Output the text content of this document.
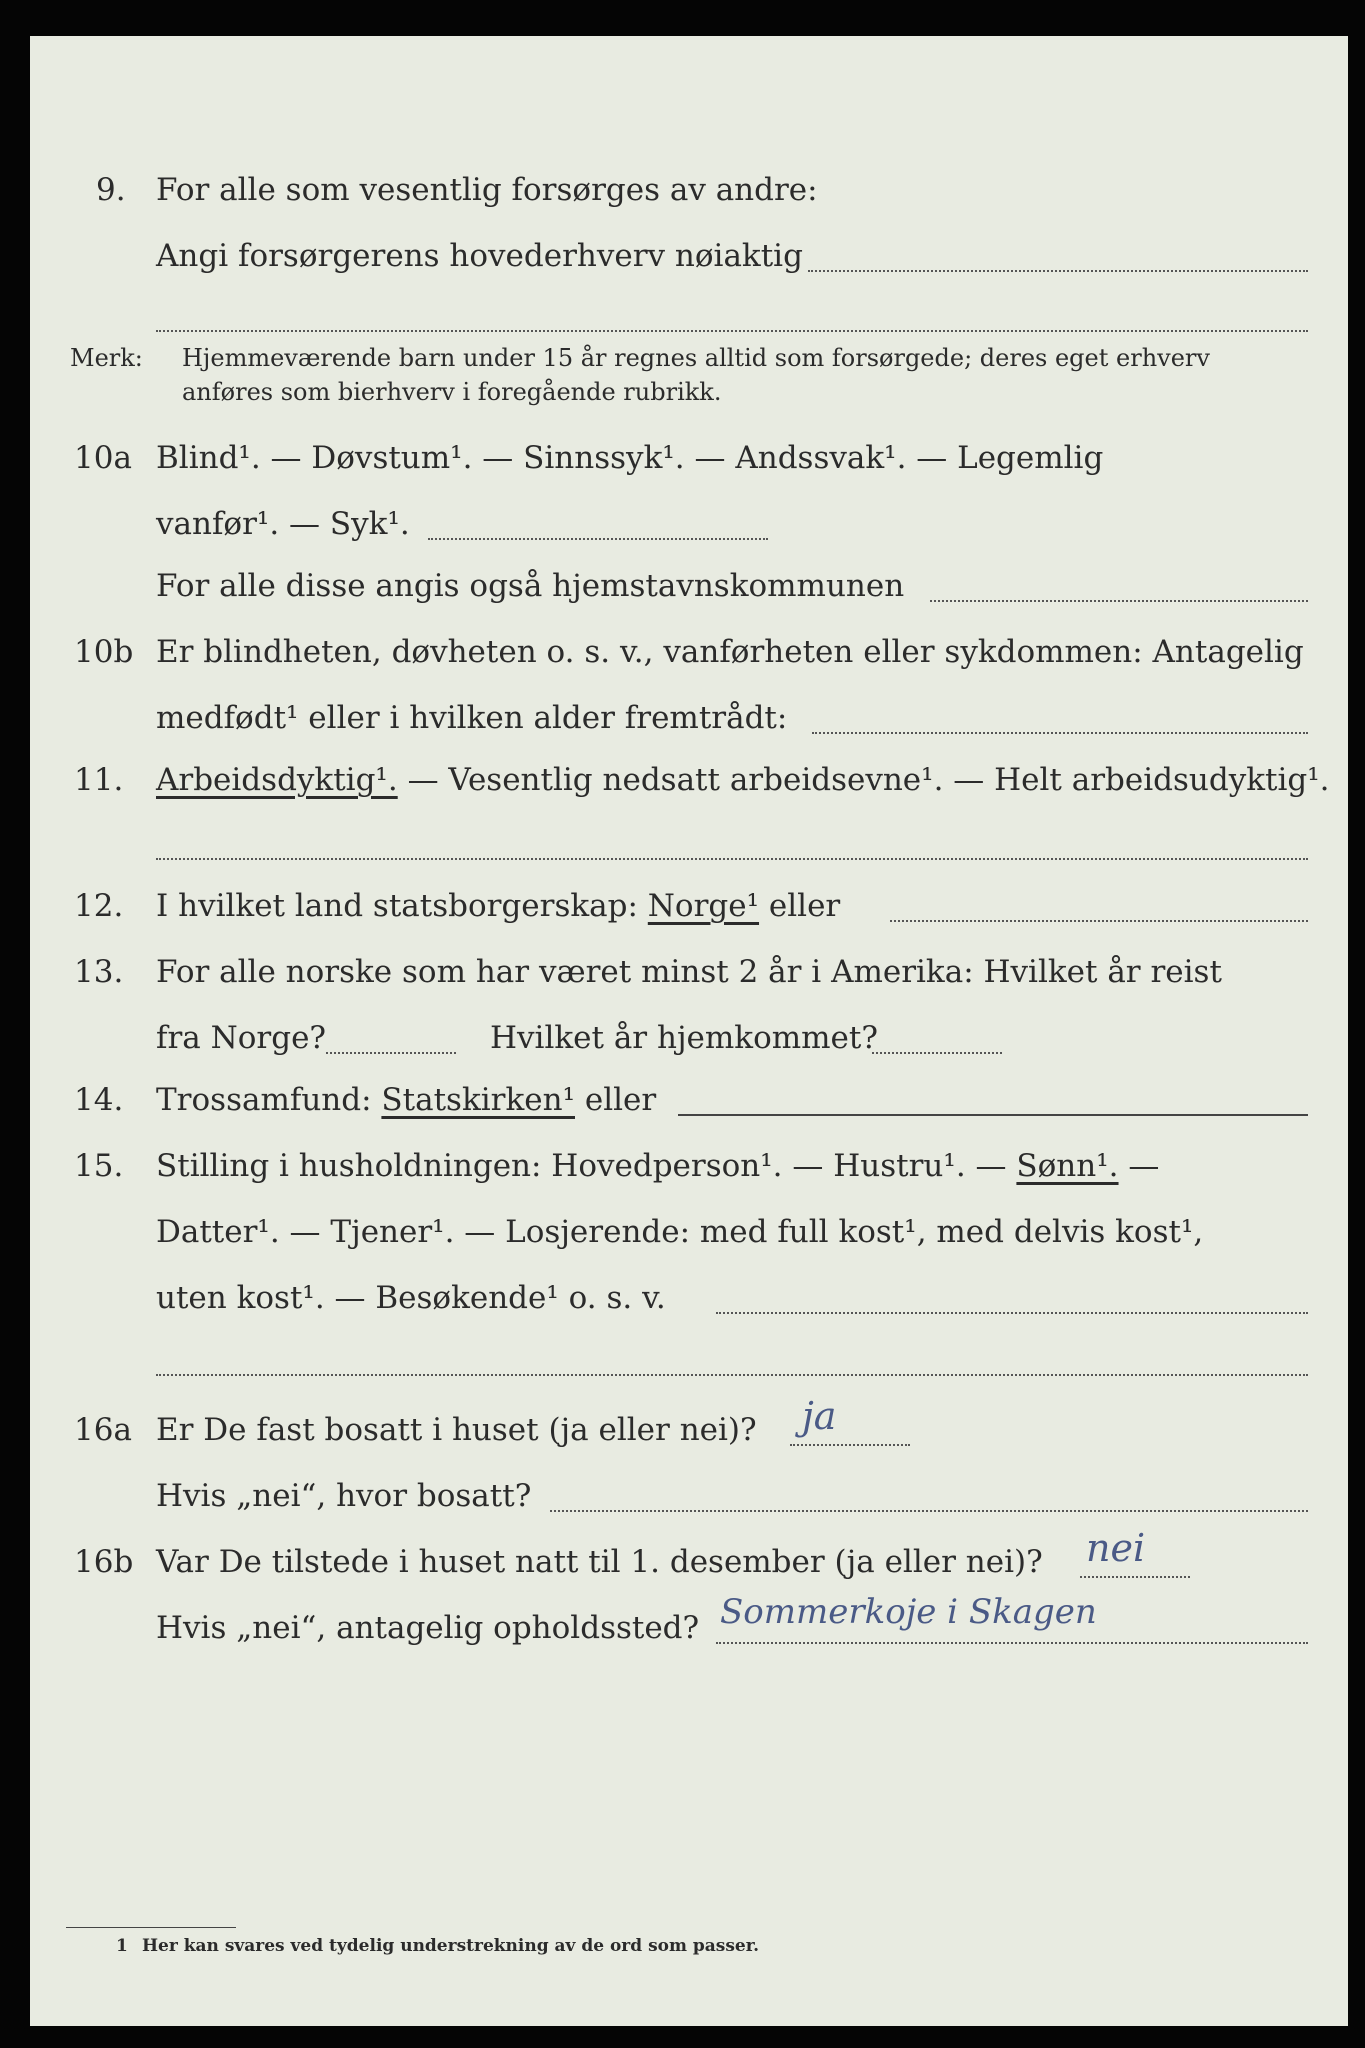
9. For alle som vesentlig forsørges av andre:
Angi forsørgerens hovederhverv nøiaktig
Merk: Hjemmeværende barn under 15 år regnes alltid som forsørgede; deres eget erhverv
anføres som bierhverv i foregående rubrikk.
10a Blind¹. — Døvstum¹. — Sinnssyk¹. — Andssvak¹. — Legemlig
vanfør¹. — Syk¹.
For alle disse angis også hjemstavnskommunen
10b Er blindheten, døvheten o. s. v., vanførheten eller sykdommen: Antagelig
medfødt¹ eller i hvilken alder fremtrådt:
11. Arbeidsdyktig¹. — Vesentlig nedsatt arbeidsevne¹. — Helt arbeidsudyktig¹.
12. I hvilket land statsborgerskap: Norge¹ eller
13. For alle norske som har været minst 2 år i Amerika: Hvilket år reist
fra Norge?	Hvilket år hjemkommet?
14. Trossamfund: Statskirken¹ eller
15. Stilling i husholdningen: Hovedperson¹. — Hustru¹. — Sønn¹. —
Datter¹. — Tjener¹. — Losjerende: med full kost¹, med delvis kost¹,
uten kost¹. — Besøkende¹ o. s. v.
16a Er De fast bosatt i huset (ja eller nei)? ja
Hvis „nei“, hvor bosatt?
16b Var De tilstede i huset natt til 1. desember (ja eller nei)? nei
Hvis „nei“, antagelig opholdssted? Sommerkoje i Skagen
1 Her kan svares ved tydelig understrekning av de ord som passer.
